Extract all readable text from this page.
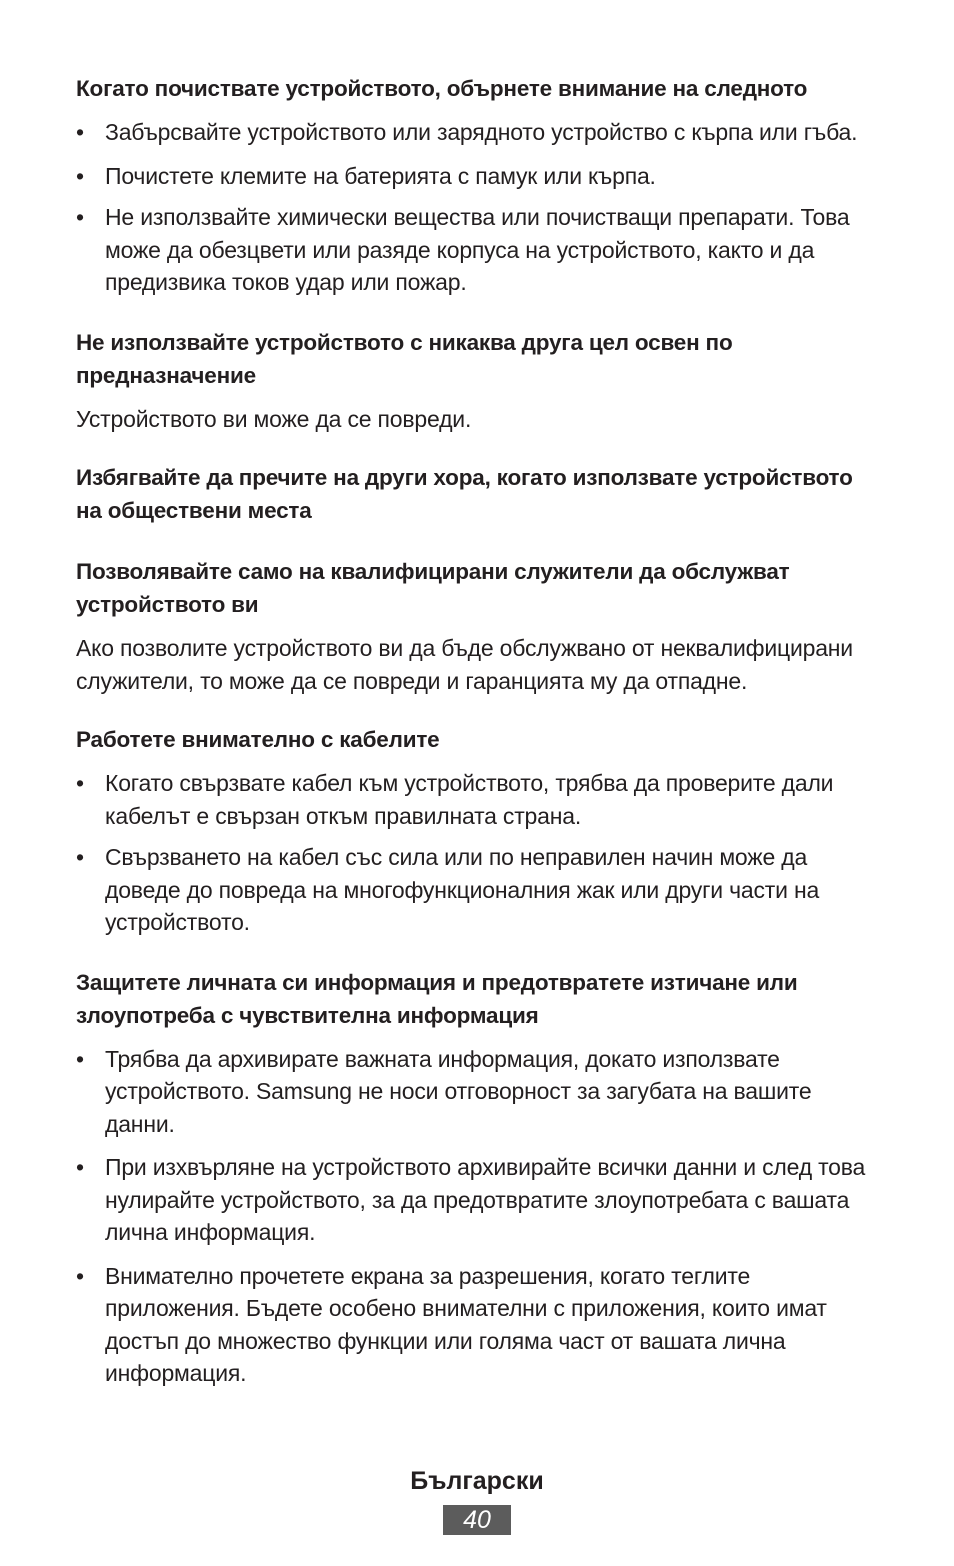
Когато почиствате устройството, обърнете внимание на следното

• Забърсвайте устройството или зарядното устройство с кърпа или гъба.
• Почистете клемите на батерията с памук или кърпа.
• Не използвайте химически вещества или почистващи препарати. Това може да обезцвети или разяде корпуса на устройството, както и да предизвика токов удар или пожар.

Не използвайте устройството с никаква друга цел освен по предназначение

Устройството ви може да се повреди.

Избягвайте да пречите на други хора, когато използвате устройството на обществени места

Позволявайте само на квалифицирани служители да обслужват устройството ви

Ако позволите устройството ви да бъде обслужвано от неквалифицирани служители, то може да се повреди и гаранцията му да отпадне.

Работете внимателно с кабелите

• Когато свързвате кабел към устройството, трябва да проверите дали кабелът е свързан откъм правилната страна.
• Свързването на кабел със сила или по неправилен начин може да доведе до повреда на многофункционалния жак или други части на устройството.

Защитете личната си информация и предотвратете изтичане или злоупотреба с чувствителна информация

• Трябва да архивирате важната информация, докато използвате устройството. Samsung не носи отговорност за загубата на вашите данни.
• При изхвърляне на устройството архивирайте всички данни и след това нулирайте устройството, за да предотвратите злоупотребата с вашата лична информация.
• Внимателно прочетете екрана за разрешения, когато теглите приложения. Бъдете особено внимателни с приложения, които имат достъп до множество функции или голяма част от вашата лична информация.
Български
40
